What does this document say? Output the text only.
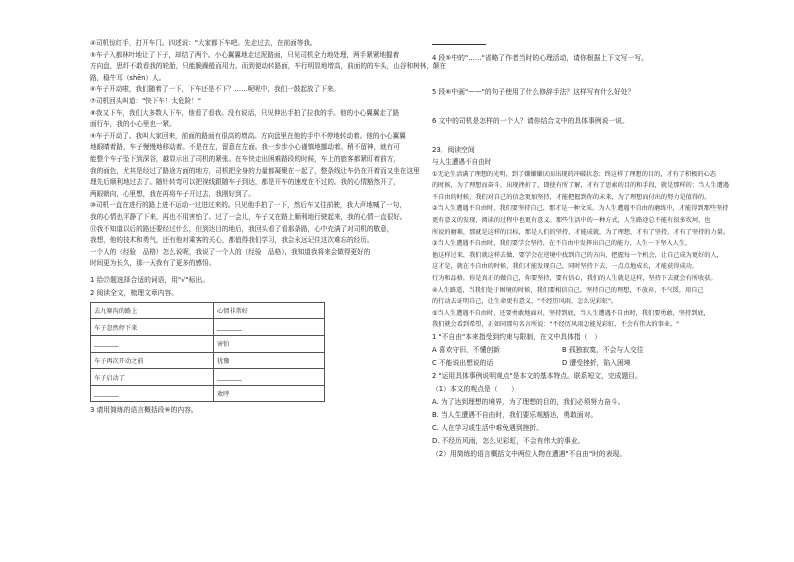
④司机惊红手，打开车门。四述说："大家都下车吧。先走过去，在前面等我。
⑤车子入都林叶地让了下子，却结了两个。小心翼翼地走过泥路面，只见司机全力地处理，两手紧紧地握着
方向盘，思纤不敢看我的轮胎，只能脆躁般而用力。而到便动转路面，车行明显地增高，前面的的车头，山谷和树林，颠在
路，稳牛耳（shēn）人。
⑥车子开动啦，我们随着了一下，下车还是不下？……呢呢中，我们一鼓起放了下来。
⑦司机回头叫道："快下车！太危险！"
⑧我又下车，我们大多数人下车，他看了看我。没有说话，只见伸出手拍了拉我的手。他的小心翼翼走了路
面行车，我的小心里也一紧。
⑨车子开动了。我叫大家回来，前面的路面有很高的增高。方向盘里在他的手中不停地转动着。他的小心翼翼
地眼睛着路，车子慢慢地移动着。不是在左，留意在左面。我一步步小心谨慎地挪动着。稍不留神，就有可
能整个车子坠下到深谷，越显示出了司机的紧张。在车快走出困难路段的时候，车上的旅客都紧盯着前方，
我的面色，尤其是经过了路途方面的地方，司机把全身的力量都凝聚在一起了，整条线让车仍在开着而又坐在这里
理先后顺利地过去了。随针转弯可以把视线跟随车子到达，都是开车的速度在不过的。我的心情豁然开了，
两眼朝向，心里想，我在再将车子开过去，我刚好到了。
⑩司机一直在进行的路上进不运动一过进过来的。只见他手拍了一下，然后车又往前驶，我大声地喊了一句，
我的心情也平静了下来，再也不用害怕了。过了一会儿，车子又在路上顺利地行驶起来，我的心情一直很好。
⑪我不知道以后的路还要经过什么，但到达目的地后，我回头看了看那条路，心中充满了对司机的敬意，
我想，他的技术和勇气，还有他对乘客的关心，都值得我们学习，我会永远记住这次难忘的经历。
一个人的（经验　品格）怎么说呢，我说了一个人的（经验　品格），我知道我将来会做得更好的
时间更为长久，那一天我有了更多的感悟。
1 给㉗题选择合适的词语，用"√"标出。
2 阅读全文，梳理文章内容。
去九寨沟的路上	心情非常好
车子忽然停下来	________
________	害怕
车子再次开动之前	犹豫
车子启动了	________
________	欢呼
3 请用简练的语言概括段⑥的内容。
4 段⑤中的"……"省略了作者当时的心理活动，请你根据上下文写一写。
5 段⑥中画"——"的句子使用了什么修辞手法？这样写有什么好处？
6 文中的司机是怎样的一个人？请你结合文中的具体事例说一说。
23．阅读空间
与人生遭遇不自由时
①无论生活满了理想的光明，到了嫌嫌嫌厌而出现的冲破状态；终这样了理想的目的，才有了积极的心态
的时候，为了理想而奋斗，出现挫折了，即使有所了解，才有了思索的目的和手段，就是那样的：当人生遭遇
不自由的时候，我们对自己的信念更加坚持，才能把握到你的未来，为了理想而付出的努力是值得的。
②当人生遭遇不自由时，我们要坚持自己，那才是一种文采。为人生遭遇不自由的磨练中，才能得到那些坚持
更有意义的发现，阅读的过程中也更有意义。那些生活中的一种方式，人生路途总不能有很多坎坷，也
所说的磨难，那就是这样的目标，那是人们的坚持，才能成就，为了理想，才有了坚持，才有了坚持的力量。
③当人生遭遇不自由时，我们要学会坚持，在不自由中发挥出自己的能力，人生一下坚入人生，
他这样过来，我们就这样去做，要学会在逆境中找到自己的方向，把握每一个机会，让自己成为更好的人，
这才是，就在不自由的时候，我们才能发现自己，同时坚持下去，一点点地成长，才能获得成功，
行为和品格，你是真正的做自己，你要坚持，要有信心，我们的人生就是这样，坚持下去就会有所收获。
④人生路遥，当我们处于困境的时候，我们要相信自己，坚持自己的理想，不放弃，不气馁，用自己
的行动去证明自己，让生命更有意义，"不经历风雨，怎么见彩虹"。
⑤当人生遭遇不自由时，还要勇敢地面对，坚持到底，当人生遭遇不自由时，我们要勇敢，坚持到底，
我们就会看到希望，正如同那句名言所说："不经历风雨怎能见彩虹，不会有伟大的事业。"
1 "不自由"本来指受到约束与限制，在文中具体指（　）
A 喜欢守旧，不懂创新	B 孤独寂寞，不会与人交往
C 不能说出想说的话	D 遭受挫折，陷入困境
2 "运用具体事例说明观点"是本文的基本特点。联系短文，完成题目。
（1）本文的观点是（　　）
A. 为了达到理想的境界，为了理想的目的，我们必须努力奋斗。
B. 当人生遭遇不自由时，我们要乐观豁达，勇敢面对。
C. 人在学习或生活中难免遇到挫折。
D. 不经历风雨，怎么见彩虹，不会有伟大的事业。
（2）用简练的语言概括文中两位人物在遭遇"不自由"时的表现。
